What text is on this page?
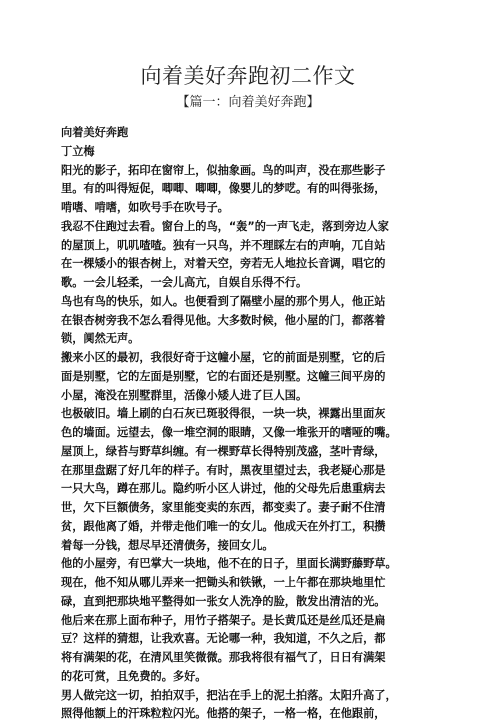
向着美好奔跑初二作文
【篇一：向着美好奔跑】
向着美好奔跑
丁立梅
阳光的影子，拓印在窗帘上，似抽象画。鸟的叫声，没在那些影子
里。有的叫得短促，唧唧、唧唧，像婴儿的梦呓。有的叫得张扬，
啃嗜、啃嗜，如吹号手在吹号子。
我忍不住跑过去看。窗台上的鸟，“轰”的一声飞走，落到旁边人家
的屋顶上，叽叽喳喳。独有一只鸟，并不理睬左右的声响，兀自站
在一棵矮小的银杏树上，对着天空，旁若无人地拉长音调，唱它的
歌。一会儿轻柔，一会儿高亢，自娱自乐得不行。
鸟也有鸟的快乐，如人。也便看到了隔壁小屋的那个男人，他正站
在银杏树旁我不怎么看得见他。大多数时候，他小屋的门，都落着
锁，阒然无声。
搬来小区的最初，我很好奇于这幢小屋，它的前面是别墅，它的后
面是别墅，它的左面是别墅，它的右面还是别墅。这幢三间平房的
小屋，淹没在别墅群里，活像小矮人进了巨人国。
也极破旧。墙上刷的白石灰已斑驳得很，一块一块，裸露出里面灰
色的墙面。远望去，像一堆空洞的眼睛，又像一堆张开的嗜哑的嘴。
屋顶上，绿苔与野草纠缠。有一棵野草长得特别茂盛，茎叶青绿，
在那里盘踞了好几年的样子。有时，黑夜里望过去，我老疑心那是
一只大鸟，蹲在那儿。隐约听小区人讲过，他的父母先后患重病去
世，欠下巨额债务，家里能变卖的东西，都变卖了。妻子耐不住清
贫，跟他离了婚，并带走他们唯一的女儿。他成天在外打工，积攒
着每一分钱，想尽早还清债务，接回女儿。
他的小屋旁，有巴掌大一块地，他不在的日子，里面长满野藤野草。
现在，他不知从哪儿弄来一把锄头和铁锹，一上午都在那块地里忙
碌，直到把那块地平整得如一张女人洗净的脸，散发出清洁的光。
他后来在那上面布种子，用竹子搭架子。是长黄瓜还是丝瓜还是扁
豆？这样的猜想，让我欢喜。无论哪一种，我知道，不久之后，都
将有满架的花，在清风里笑微微。那我将很有福气了，日日有满架
的花可赏，且免费的。多好。
男人做完这一切，拍拍双手，把沾在手上的泥土拍落。太阳升高了，
照得他额上的汗珠粒粒闪光。他搭的架子，一格一格，在他跟前，
